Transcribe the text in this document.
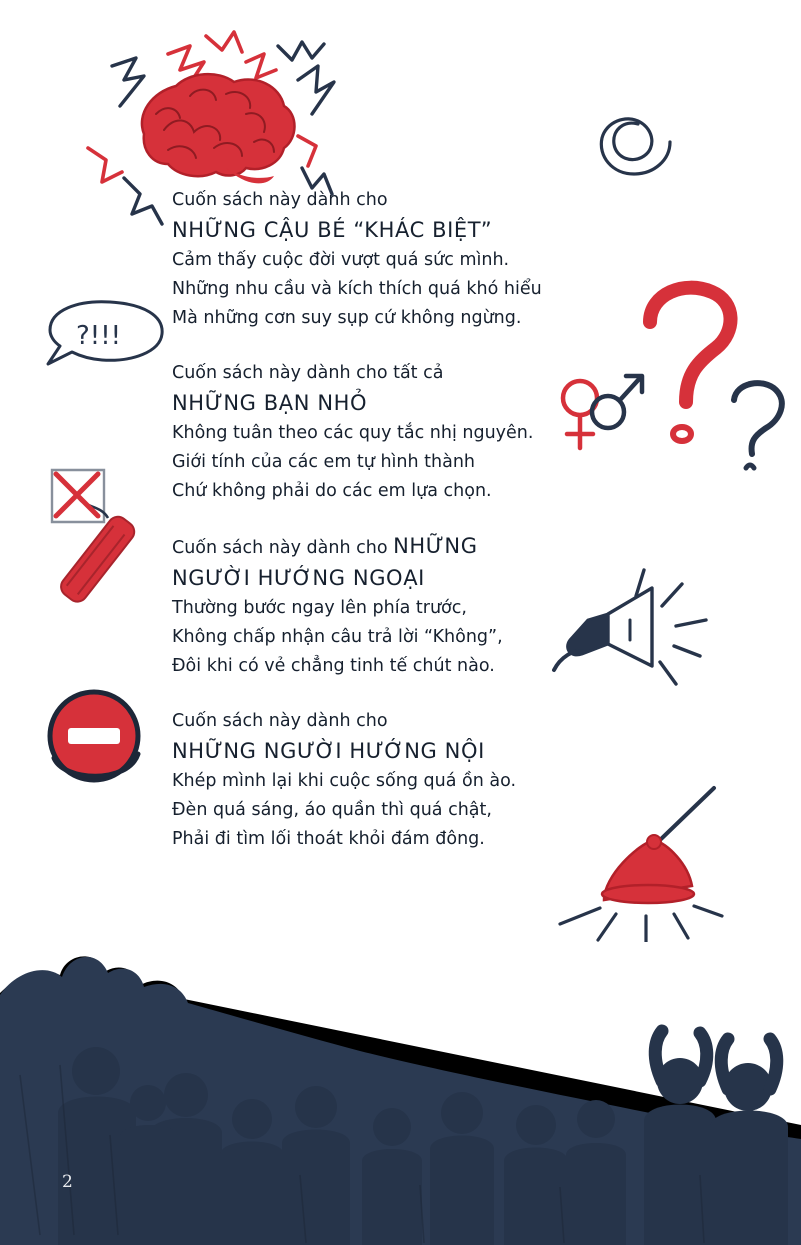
?!!!
Cuốn sách này dành cho
NHỮNG CẬU BÉ “KHÁC BIỆT”
Cảm thấy cuộc đời vượt quá sức mình.
Những nhu cầu và kích thích quá khó hiểu
Mà những cơn suy sụp cứ không ngừng.
Cuốn sách này dành cho tất cả
NHỮNG BẠN NHỎ
Không tuân theo các quy tắc nhị nguyên.
Giới tính của các em tự hình thành
Chứ không phải do các em lựa chọn.
Cuốn sách này dành cho NHỮNG
NGƯỜI HƯỚNG NGOẠI
Thường bước ngay lên phía trước,
Không chấp nhận câu trả lời “Không”,
Đôi khi có vẻ chẳng tinh tế chút nào.
Cuốn sách này dành cho
NHỮNG NGƯỜI HƯỚNG NỘI
Khép mình lại khi cuộc sống quá ồn ào.
Đèn quá sáng, áo quần thì quá chật,
Phải đi tìm lối thoát khỏi đám đông.
2
